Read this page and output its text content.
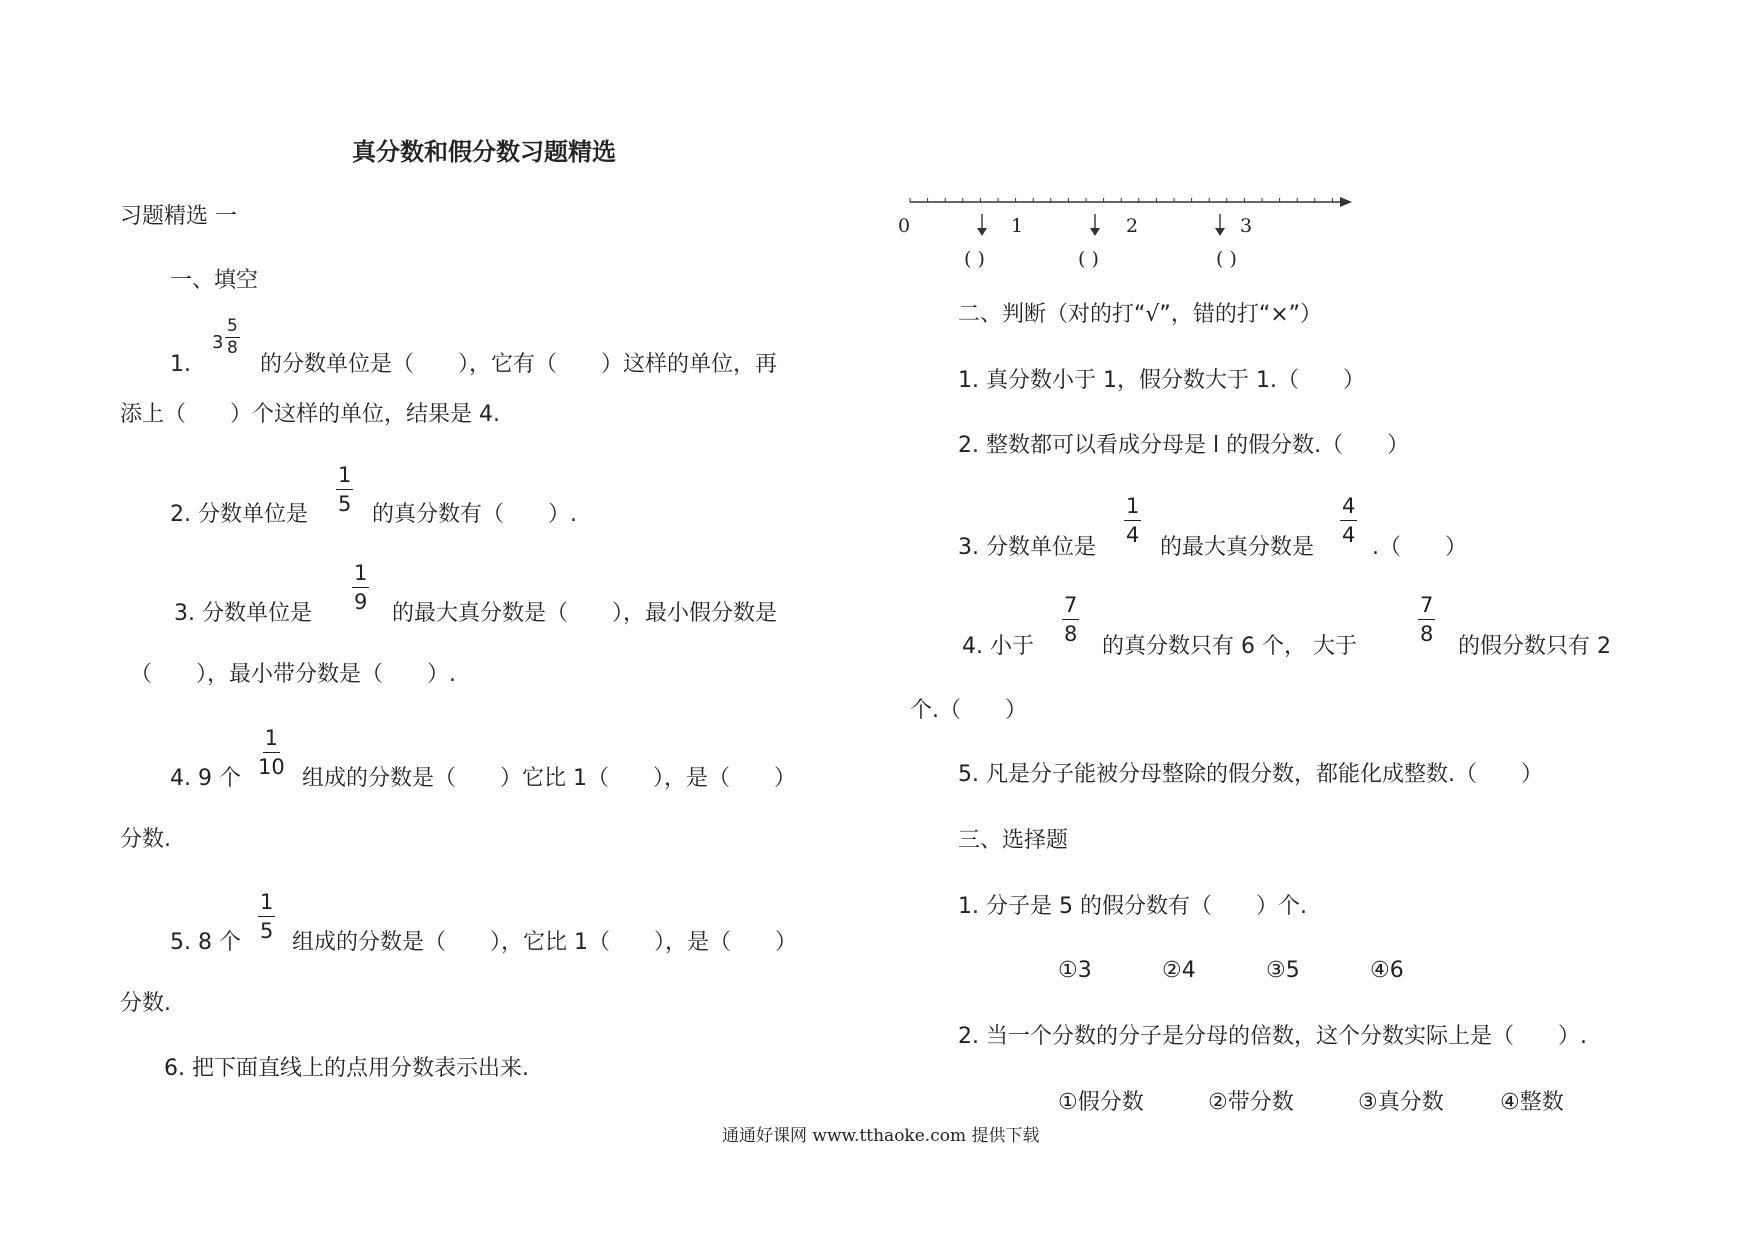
真分数和假分数习题精选
习题精选 一
一、填空
1.
$3 \frac{5}{8}$
的分数单位是（　　），它有（　　）这样的单位，再
添上（　　）个这样的单位，结果是 4.
2. 分数单位是 $\frac{1}{5}$ 的真分数有（　　）.
3. 分数单位是
$\frac{1}{9}$
的最大真分数是（　　），最小假分数是
（　　），最小带分数是（　　）.
4. 9 个
$\frac{1}{10}$
组成的分数是（　　）它比 1（　　），是（　　）
分数.
5. 8 个
$\frac{1}{5}$
组成的分数是（　　），它比 1（　　），是（　　）
分数.
6. 把下面直线上的点用分数表示出来.
0	1	2	3
( )	( )	( )
二、判断（对的打“√”，错的打“×”）
1. 真分数小于 1，假分数大于 1.（　　）
2. 整数都可以看成分母是 l 的假分数.（　　）
3. 分数单位是
$\frac{1}{4}$
的最大真分数是
$\frac{4}{4}$
.（　　）
4. 小于
$\frac{7}{8}$
的真分数只有 6 个， 大于
$\frac{7}{8}$
的假分数只有 2
个.（　　）
5. 凡是分子能被分母整除的假分数，都能化成整数.（　　）
三、选择题
1. 分子是 5 的假分数有（　　）个.
①3	②4	③5	④6
2. 当一个分数的分子是分母的倍数，这个分数实际上是（　　）.
①假分数	②带分数	③真分数	④整数
通通好课网 www.tthaoke.com 提供下载
